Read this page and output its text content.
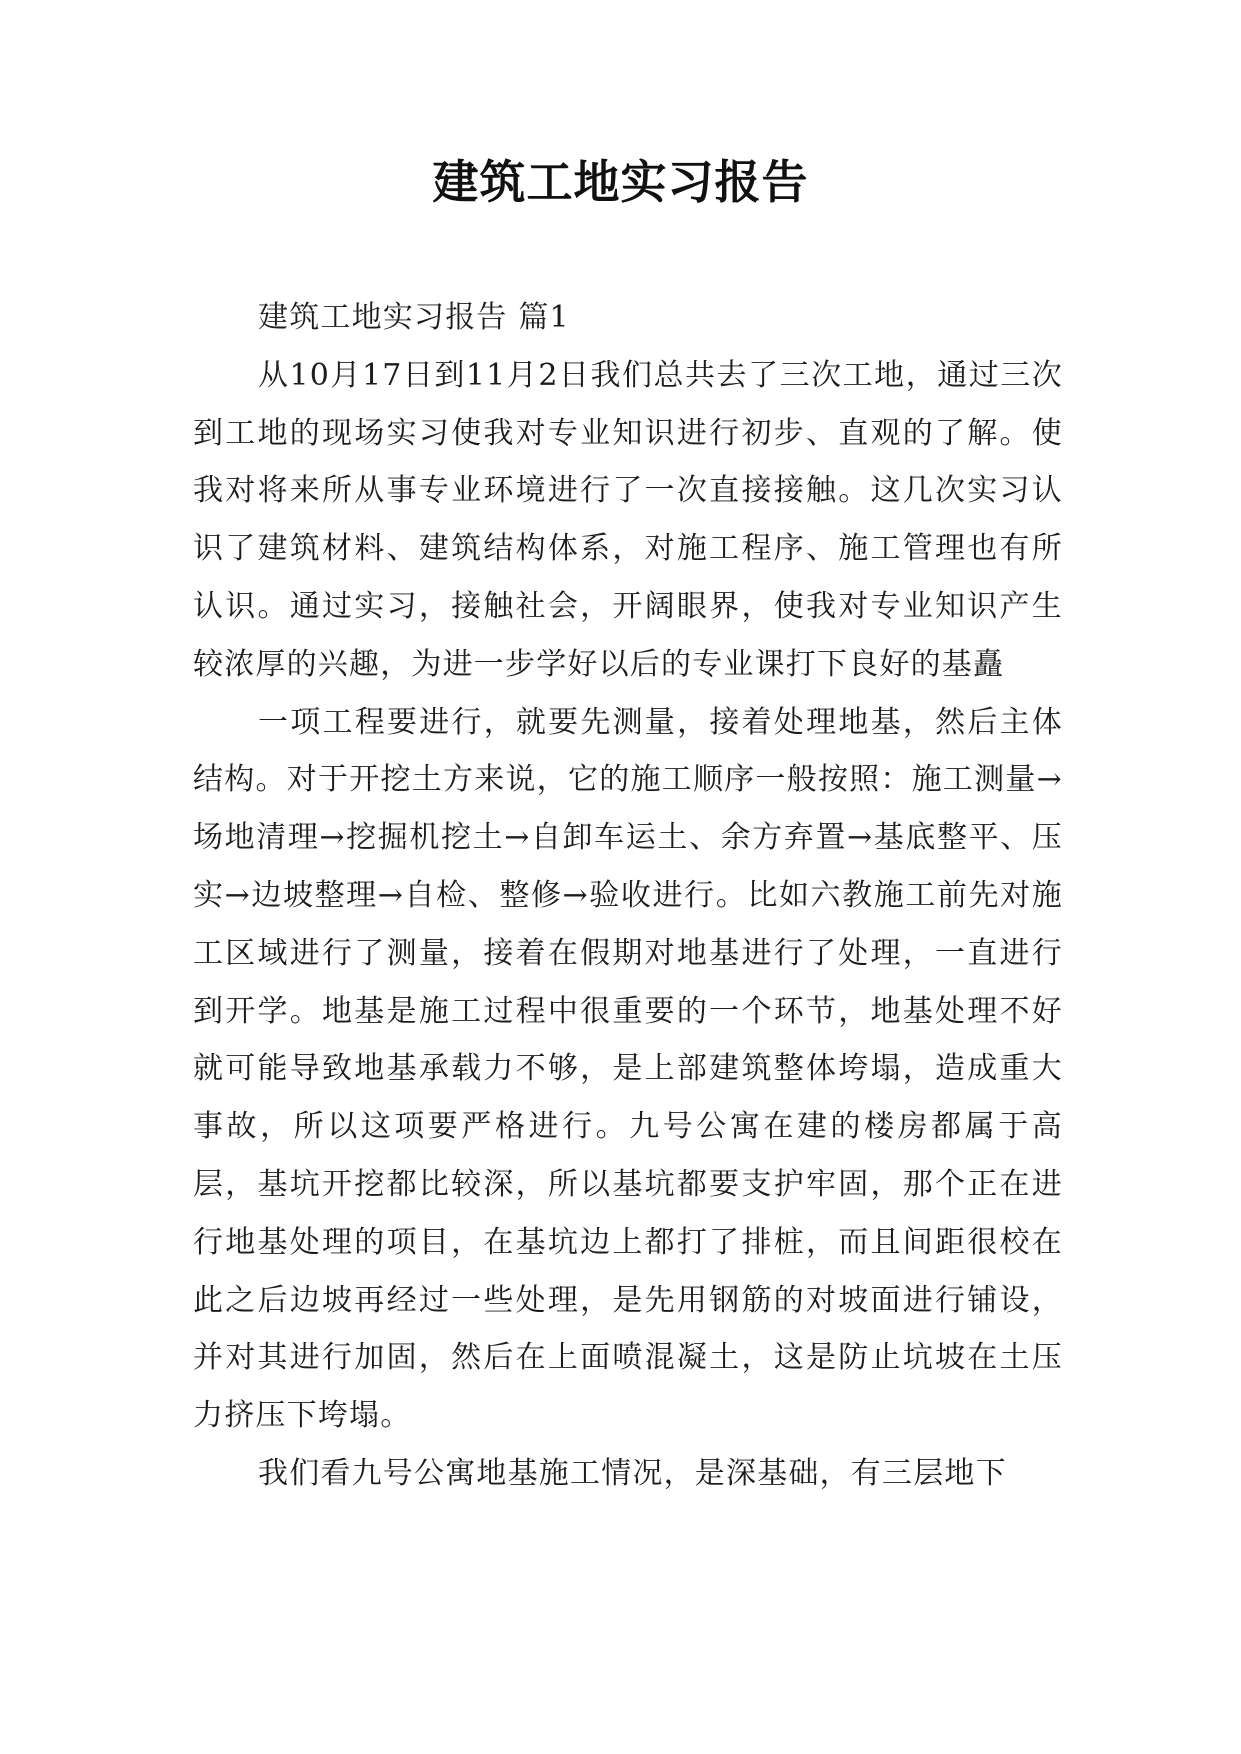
建筑工地实习报告

建筑工地实习报告 篇1

从10月17日到11月2日我们总共去了三次工地，通过三次到工地的现场实习使我对专业知识进行初步、直观的了解。使我对将来所从事专业环境进行了一次直接接触。这几次实习认识了建筑材料、建筑结构体系，对施工程序、施工管理也有所认识。通过实习，接触社会，开阔眼界，使我对专业知识产生较浓厚的兴趣，为进一步学好以后的专业课打下良好的基矗

一项工程要进行，就要先测量，接着处理地基，然后主体结构。对于开挖土方来说，它的施工顺序一般按照：施工测量→场地清理→挖掘机挖土→自卸车运土、余方弃置→基底整平、压实→边坡整理→自检、整修→验收进行。比如六教施工前先对施工区域进行了测量，接着在假期对地基进行了处理，一直进行到开学。地基是施工过程中很重要的一个环节，地基处理不好就可能导致地基承载力不够，是上部建筑整体垮塌，造成重大事故，所以这项要严格进行。九号公寓在建的楼房都属于高层，基坑开挖都比较深，所以基坑都要支护牢固，那个正在进行地基处理的项目，在基坑边上都打了排桩，而且间距很校在此之后边坡再经过一些处理，是先用钢筋的对坡面进行铺设，并对其进行加固，然后在上面喷混凝土，这是防止坑坡在土压力挤压下垮塌。

我们看九号公寓地基施工情况，是深基础，有三层地下
